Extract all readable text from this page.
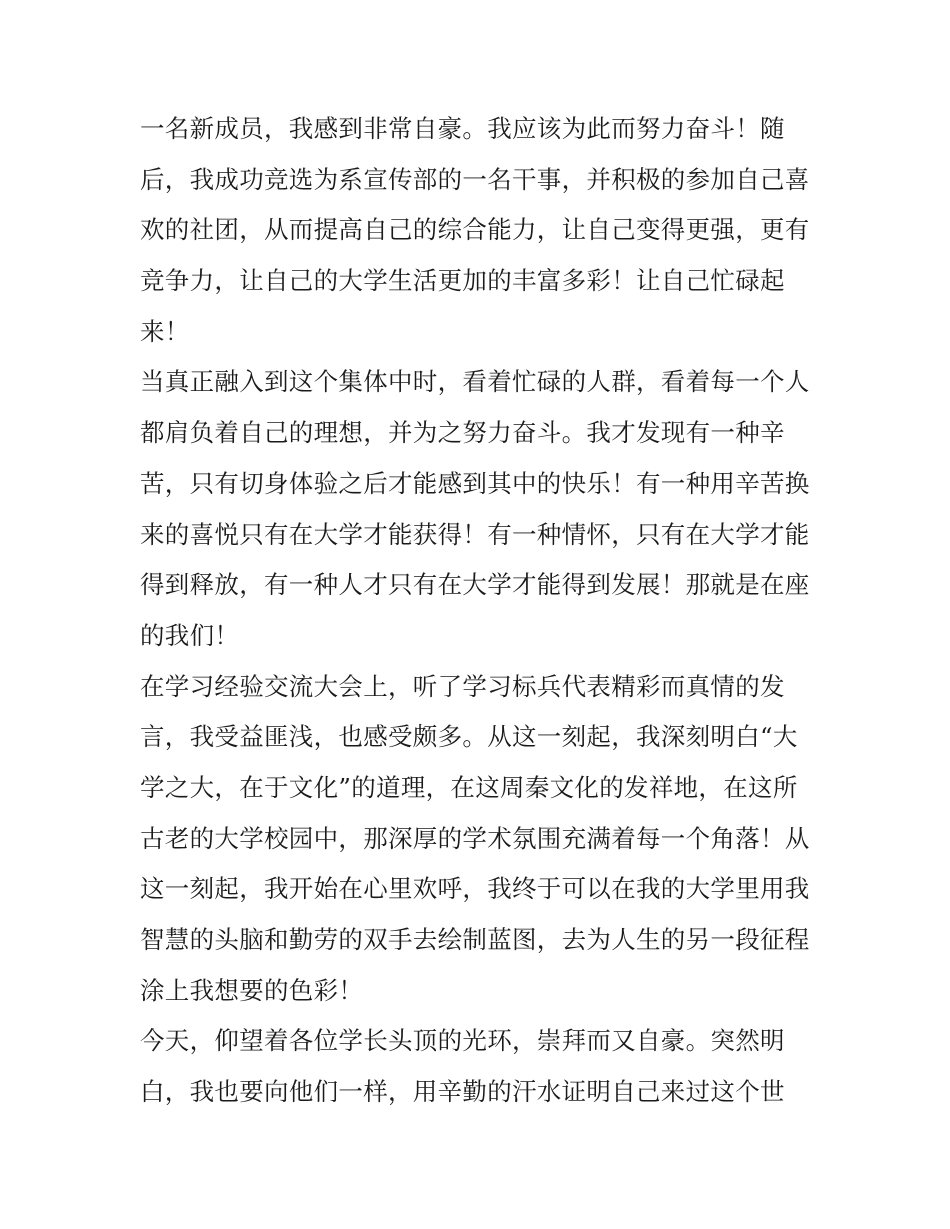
一名新成员，我感到非常自豪。我应该为此而努力奋斗！随
后，我成功竞选为系宣传部的一名干事，并积极的参加自己喜
欢的社团，从而提高自己的综合能力，让自己变得更强，更有
竞争力，让自己的大学生活更加的丰富多彩！让自己忙碌起
来！
当真正融入到这个集体中时，看着忙碌的人群，看着每一个人
都肩负着自己的理想，并为之努力奋斗。我才发现有一种辛
苦，只有切身体验之后才能感到其中的快乐！有一种用辛苦换
来的喜悦只有在大学才能获得！有一种情怀，只有在大学才能
得到释放，有一种人才只有在大学才能得到发展！那就是在座
的我们！
在学习经验交流大会上，听了学习标兵代表精彩而真情的发
言，我受益匪浅，也感受颇多。从这一刻起，我深刻明白“大
学之大，在于文化”的道理，在这周秦文化的发祥地，在这所
古老的大学校园中，那深厚的学术氛围充满着每一个角落！从
这一刻起，我开始在心里欢呼，我终于可以在我的大学里用我
智慧的头脑和勤劳的双手去绘制蓝图，去为人生的另一段征程
涂上我想要的色彩！
今天，仰望着各位学长头顶的光环，崇拜而又自豪。突然明
白，我也要向他们一样，用辛勤的汗水证明自己来过这个世
